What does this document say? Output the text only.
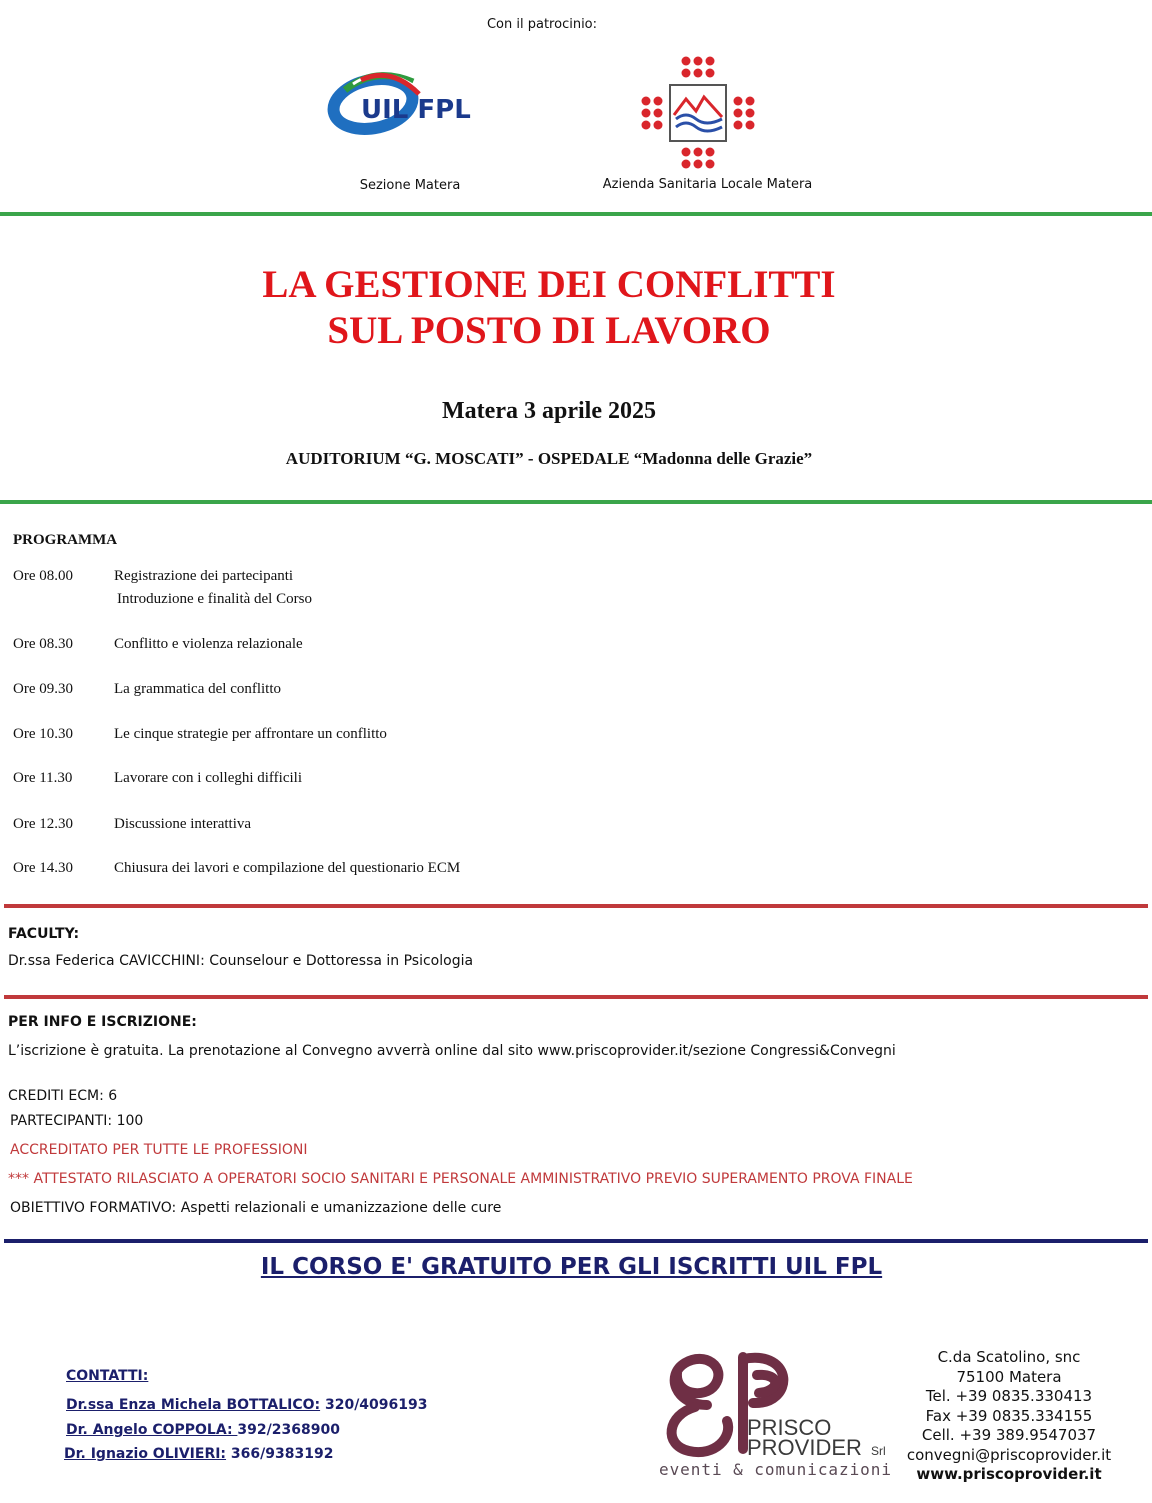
Con il patrocinio:
UIL FPL
Sezione Matera	Azienda Sanitaria Locale Matera
LA GESTIONE DEI CONFLITTI
SUL POSTO DI LAVORO
Matera 3 aprile 2025
AUDITORIUM “G. MOSCATI” - OSPEDALE “Madonna delle Grazie”
PROGRAMMA
Ore 08.00	Registrazione dei partecipanti
Introduzione e finalità del Corso
Ore 08.30	Conflitto e violenza relazionale
Ore 09.30	La grammatica del conflitto
Ore 10.30	Le cinque strategie per affrontare un conflitto
Ore 11.30	Lavorare con i colleghi difficili
Ore 12.30	Discussione interattiva
Ore 14.30	Chiusura dei lavori e compilazione del questionario ECM
FACULTY:
Dr.ssa Federica CAVICCHINI: Counselour e Dottoressa in Psicologia
PER INFO E ISCRIZIONE:
L’iscrizione è gratuita. La prenotazione al Convegno avverrà online dal sito www.priscoprovider.it/sezione Congressi&Convegni
CREDITI ECM: 6
PARTECIPANTI: 100
ACCREDITATO PER TUTTE LE PROFESSIONI
*** ATTESTATO RILASCIATO A OPERATORI SOCIO SANITARI E PERSONALE AMMINISTRATIVO PREVIO SUPERAMENTO PROVA FINALE
OBIETTIVO FORMATIVO: Aspetti relazionali e umanizzazione delle cure
IL CORSO E' GRATUITO PER GLI ISCRITTI UIL FPL
CONTATTI:
Dr.ssa Enza Michela BOTTALICO: 320/4096193
Dr. Angelo COPPOLA: 392/2368900
Dr. Ignazio OLIVIERI: 366/9383192
PRISCO
PROVIDER Srl
eventi & comunicazioni
C.da Scatolino, snc
75100 Matera
Tel. +39 0835.330413
Fax +39 0835.334155
Cell. +39 389.9547037
convegni@priscoprovider.it
www.priscoprovider.it
